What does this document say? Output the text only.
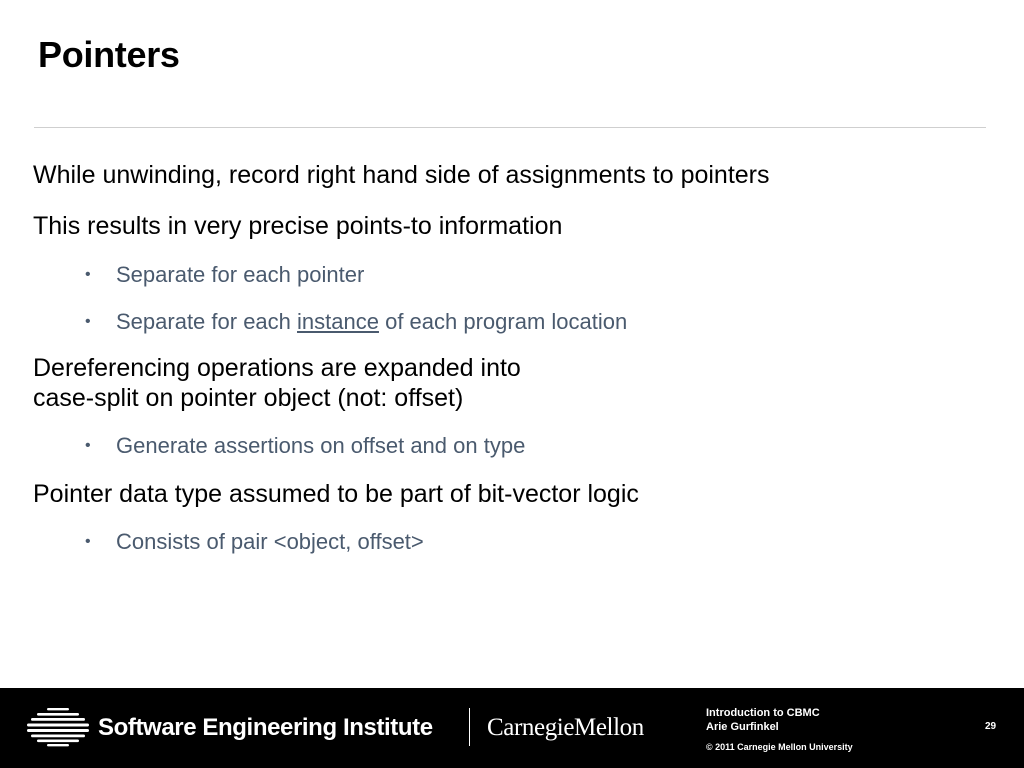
Pointers

While unwinding, record right hand side of assignments to pointers

This results in very precise points-to information

• Separate for each pointer

• Separate for each instance of each program location

Dereferencing operations are expanded into
case-split on pointer object (not: offset)

• Generate assertions on offset and on type

Pointer data type assumed to be part of bit-vector logic

• Consists of pair <object, offset>

Software Engineering Institute CarnegieMellon
Introduction to CBMC
Arie Gurfinkel
© 2011 Carnegie Mellon University
29
